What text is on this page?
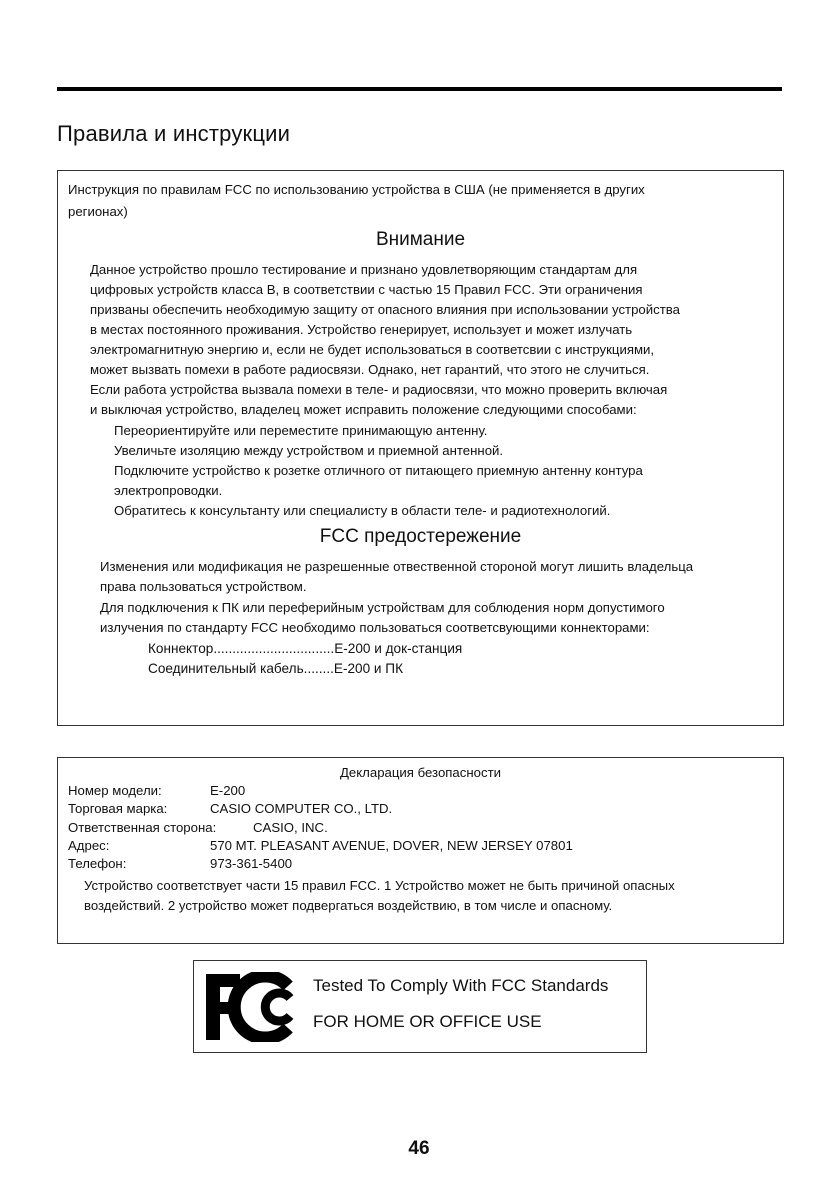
Правила и инструкции

Инструкция по правилам FCC по использованию устройства в США (не применяется в других

регионах)

Внимание

Данное устройство прошло тестирование и признано удовлетворяющим стандартам для

цифровых устройств класса B, в соответствии с частью 15 Правил FCC. Эти ограничения

призваны обеспечить необходимую защиту от опасного влияния при использовании устройства

в местах постоянного проживания. Устройство генерирует, использует и может излучать

электромагнитную энергию и, если не будет использоваться в соответсвии с инструкциями,

может вызвать помехи в работе радиосвязи. Однако, нет гарантий, что этого не случиться.

Если работа устройства вызвала помехи в теле- и радиосвязи, что можно проверить включая

и выключая устройство, владелец может исправить положение следующими способами:

Переориентируйте или переместите принимающую антенну.

Увеличьте изоляцию между устройством и приемной антенной.

Подключите устройство к розетке отличного от питающего приемную антенну контура

электропроводки.

Обратитесь к консультанту или специалисту в области теле- и радиотехнологий.

FCC предостережение

Изменения или модификация не разрешенные отвественной стороной могут лишить владельца

права пользоваться устройством.

Для подключения к ПК или переферийным устройствам для соблюдения норм допустимого

излучения по стандарту FCC необходимо пользоваться соответсвующими коннекторами:

Коннектор................................E-200 и док-станция

Соединительный кабель........E-200 и ПК

Декларация безопасности

Номер модели:	E-200

Торговая марка:	CASIO COMPUTER CO., LTD.

Ответственная сторона:	CASIO, INC.

Адрес:	570 MT. PLEASANT AVENUE, DOVER, NEW JERSEY 07801

Телефон:	973-361-5400

Устройство соответствует части 15 правил FCC. 1 Устройство может не быть причиной опасных

воздействий. 2 устройство может подвергаться воздействию, в том числе и опасному.

Tested To Comply With FCC Standards

FOR HOME OR OFFICE USE

46
